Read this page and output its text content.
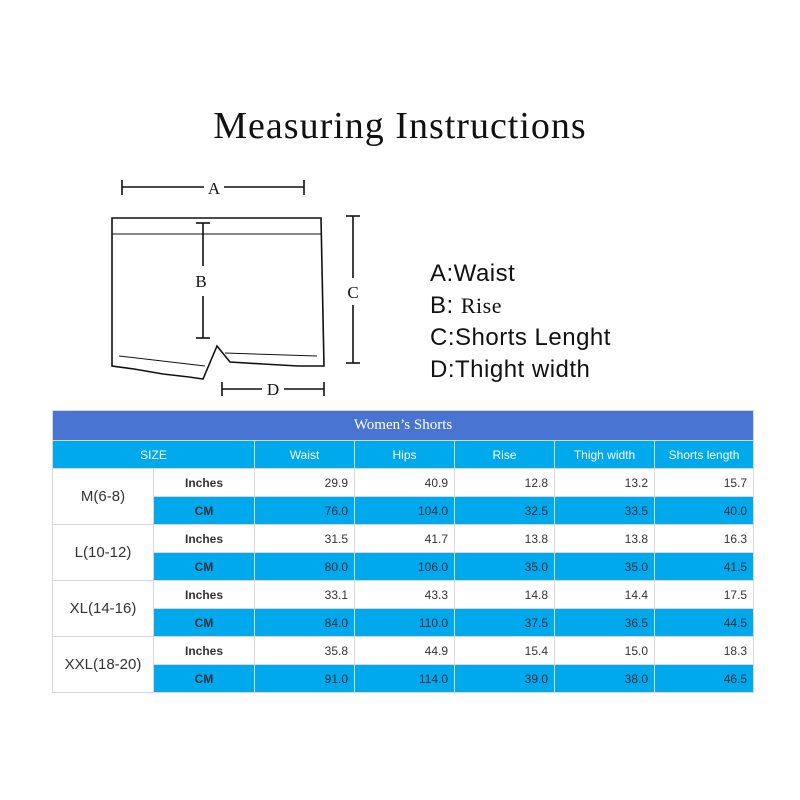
Measuring Instructions
A
B
C
D
A:Waist
B: Rise
C:Shorts Lenght
D:Thight width
Women’s Shorts						
SIZE		Waist	Hips	Rise	Thigh width	Shorts length
M(6-8)	Inches	29.9	40.9	12.8	13.2	15.7
	CM	76.0	104.0	32.5	33.5	40.0
L(10-12)	Inches	31.5	41.7	13.8	13.8	16.3
	CM	80.0	106.0	35.0	35.0	41.5
XL(14-16)	Inches	33.1	43.3	14.8	14.4	17.5
	CM	84.0	110.0	37.5	36.5	44.5
XXL(18-20)	Inches	35.8	44.9	15.4	15.0	18.3
	CM	91.0	114.0	39.0	38.0	46.5
